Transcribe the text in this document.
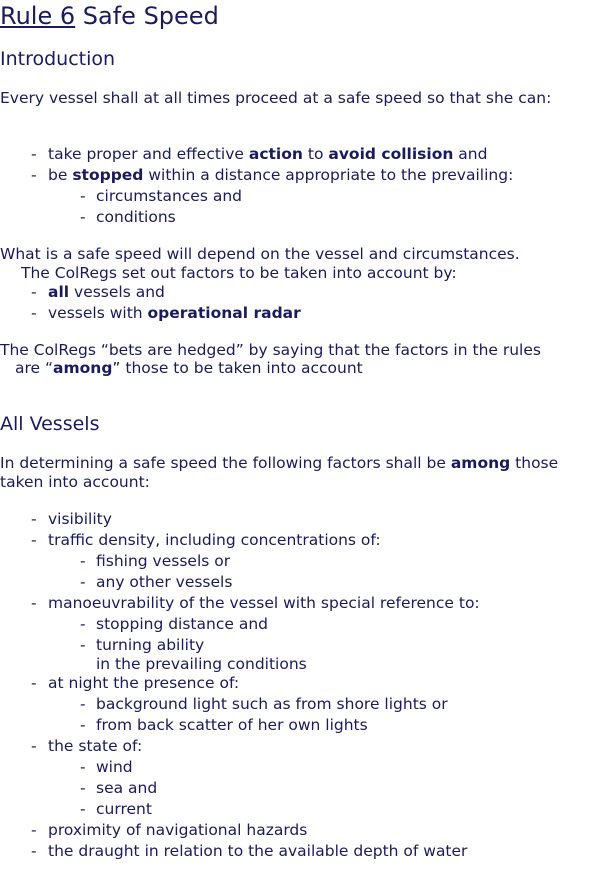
Rule 6 Safe Speed
Introduction

Every vessel shall at all times proceed at a safe speed so that she can:

- take proper and effective action to avoid collision and
- be stopped within a distance appropriate to the prevailing:
- circumstances and
- conditions

What is a safe speed will depend on the vessel and circumstances.

The ColRegs set out factors to be taken into account by:

- all vessels and
- vessels with operational radar

The ColRegs “bets are hedged” by saying that the factors in the rules

are “among” those to be taken into account

All Vessels

In determining a safe speed the following factors shall be among those taken into account:

- visibility
- traffic density, including concentrations of:
- fishing vessels or
- any other vessels
- manoeuvrability of the vessel with special reference to:
- stopping distance and
- turning ability
in the prevailing conditions
- at night the presence of:
- background light such as from shore lights or
- from back scatter of her own lights
- the state of:
- wind
- sea and
- current
- proximity of navigational hazards
- the draught in relation to the available depth of water
